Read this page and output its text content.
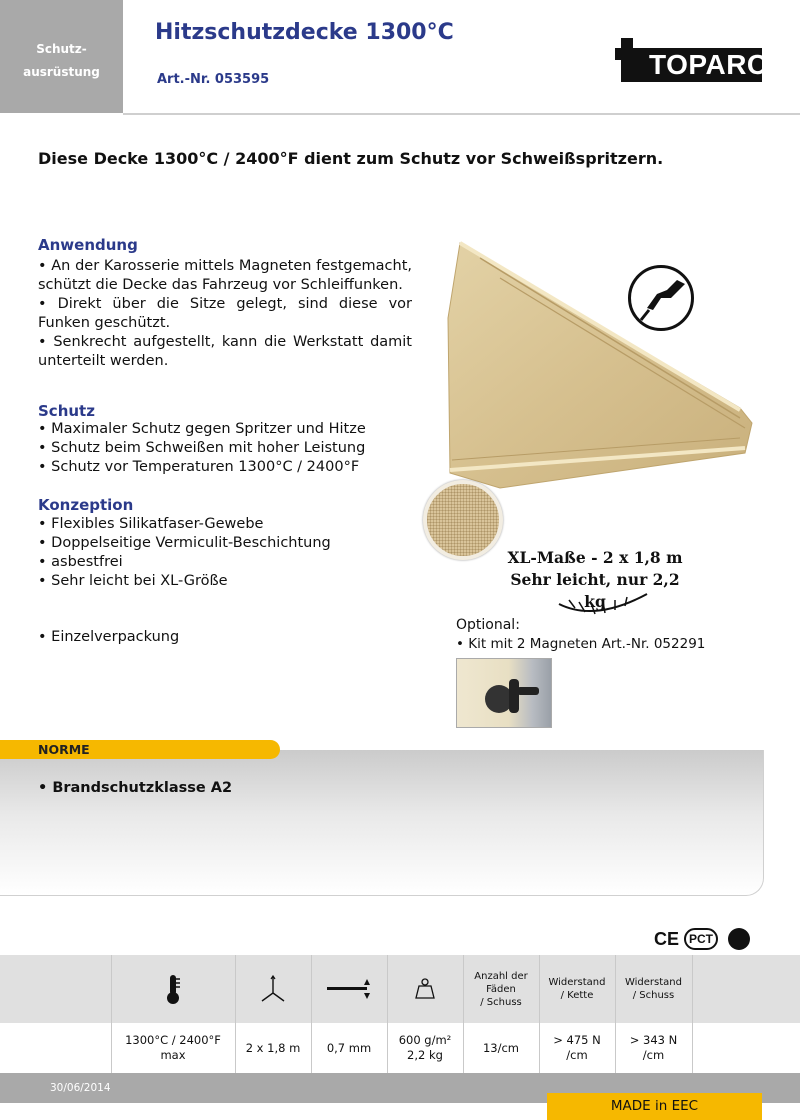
Schutz-
ausrüstung
Hitzschutzdecke 1300°C
Art.-Nr. 053595	TOPARC
Diese Decke 1300°C / 2400°F dient zum Schutz vor Schweißspritzern.
Anwendung
• An der Karosserie mittels Magneten festgemacht, schützt die Decke das Fahrzeug vor Schleiffunken.
• Direkt über die Sitze gelegt, sind diese vor Funken geschützt.
• Senkrecht aufgestellt, kann die Werkstatt damit unterteilt werden.
Schutz
• Maximaler Schutz gegen Spritzer und Hitze
• Schutz beim Schweißen mit hoher Leistung
• Schutz vor Temperaturen 1300°C / 2400°F
Konzeption
• Flexibles Silikatfaser-Gewebe
• Doppelseitige Vermiculit-Beschichtung
• asbestfrei
• Sehr leicht bei XL-Größe
• Einzelverpackung
XL-Maße - 2 x 1,8 m
Sehr leicht, nur 2,2 kg
Optional:
• Kit mit 2 Magneten Art.-Nr. 052291
NORME
• Brandschutzklasse A2
CE PCT
Anzahl der
Fäden
/ Schuss
Widerstand
/ Kette
Widerstand
/ Schuss
1300°C / 2400°F
max
2 x 1,8 m	0,7 mm
600 g/m²
2,2 kg
13/cm
> 475 N
/cm
> 343 N
/cm
30/06/2014
MADE in EEC
